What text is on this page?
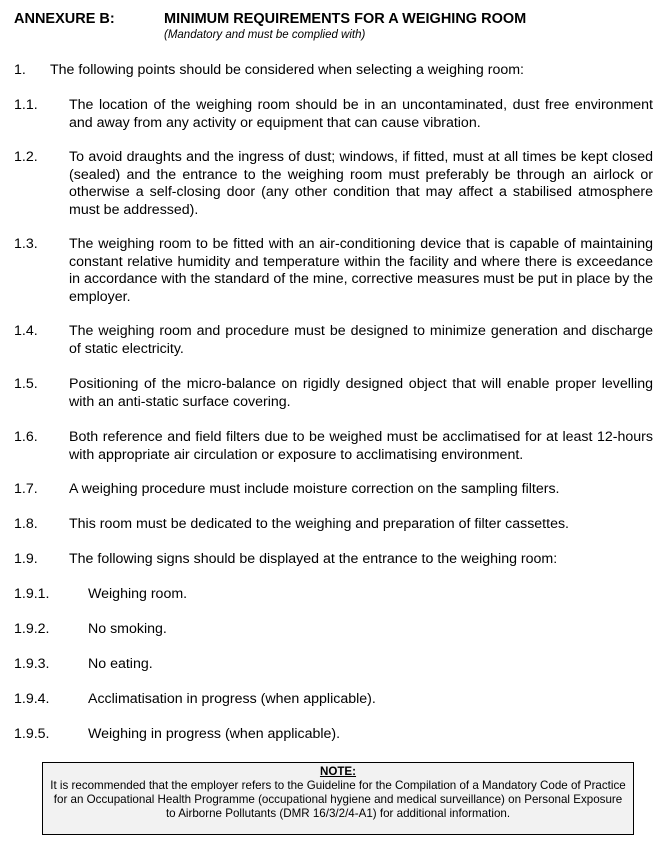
ANNEXURE B:	MINIMUM REQUIREMENTS FOR A WEIGHING ROOM
(Mandatory and must be complied with)
1. The following points should be considered when selecting a weighing room:
1.1. The location of the weighing room should be in an uncontaminated, dust free environment and away from any activity or equipment that can cause vibration.
1.2. To avoid draughts and the ingress of dust; windows, if fitted, must at all times be kept closed (sealed) and the entrance to the weighing room must preferably be through an airlock or otherwise a self-closing door (any other condition that may affect a stabilised atmosphere must be addressed).
1.3. The weighing room to be fitted with an air-conditioning device that is capable of maintaining constant relative humidity and temperature within the facility and where there is exceedance in accordance with the standard of the mine, corrective measures must be put in place by the employer.
1.4. The weighing room and procedure must be designed to minimize generation and discharge of static electricity.
1.5. Positioning of the micro-balance on rigidly designed object that will enable proper levelling with an anti-static surface covering.
1.6. Both reference and field filters due to be weighed must be acclimatised for at least 12-hours with appropriate air circulation or exposure to acclimatising environment.
1.7. A weighing procedure must include moisture correction on the sampling filters.
1.8. This room must be dedicated to the weighing and preparation of filter cassettes.
1.9. The following signs should be displayed at the entrance to the weighing room:
1.9.1.	Weighing room.
1.9.2.	No smoking.
1.9.3.	No eating.
1.9.4.	Acclimatisation in progress (when applicable).
1.9.5.	Weighing in progress (when applicable).
NOTE:
It is recommended that the employer refers to the Guideline for the Compilation of a Mandatory Code of Practice for an Occupational Health Programme (occupational hygiene and medical surveillance) on Personal Exposure to Airborne Pollutants (DMR 16/3/2/4-A1) for additional information.
